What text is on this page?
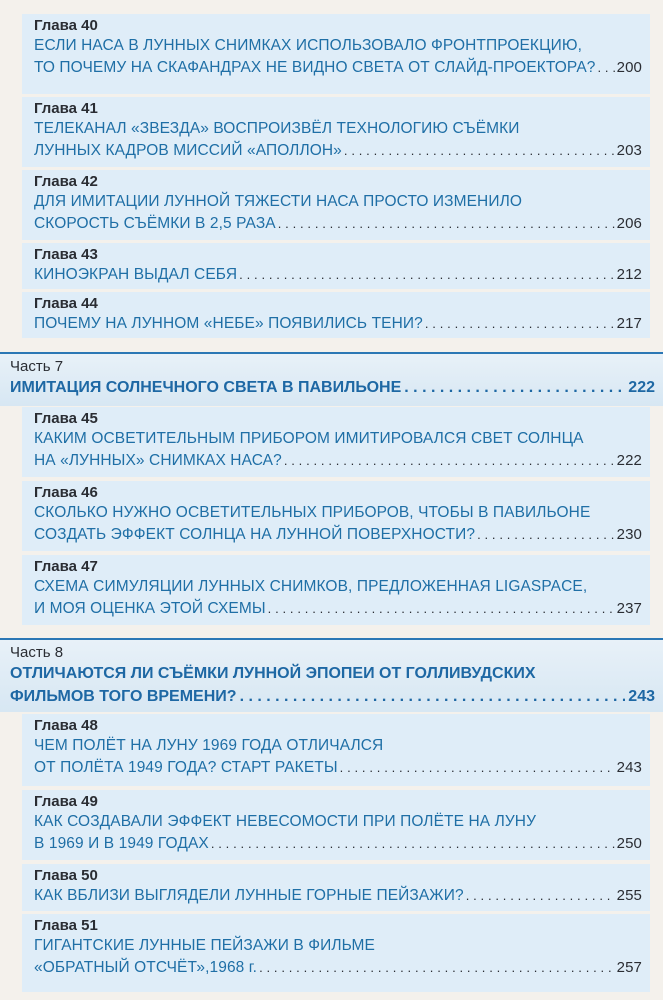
Глава 40
ЕСЛИ НАСА В ЛУННЫХ СНИМКАХ ИСПОЛЬЗОВАЛО ФРОНТПРОЕКЦИЮ,
ТО ПОЧЕМУ НА СКАФАНДРАХ НЕ ВИДНО СВЕТА ОТ СЛАЙД-ПРОЕКТОРА? . . . 200
Глава 41
ТЕЛЕКАНАЛ «ЗВЕЗДА» ВОСПРОИЗВЁЛ ТЕХНОЛОГИЮ СЪЁМКИ
ЛУННЫХ КАДРОВ МИССИЙ «АПОЛЛОН» . . .	203
Глава 42
ДЛЯ ИМИТАЦИИ ЛУННОЙ ТЯЖЕСТИ НАСА ПРОСТО ИЗМЕНИЛО
СКОРОСТЬ СЪЁМКИ В 2,5 РАЗА . . .	206
Глава 43
КИНОЭКРАН ВЫДАЛ СЕБЯ . . .	212
Глава 44
ПОЧЕМУ НА ЛУННОМ «НЕБЕ» ПОЯВИЛИСЬ ТЕНИ? . . .	217
Часть 7
ИМИТАЦИЯ СОЛНЕЧНОГО СВЕТА В ПАВИЛЬОНЕ . . .	222
Глава 45
КАКИМ ОСВЕТИТЕЛЬНЫМ ПРИБОРОМ ИМИТИРОВАЛСЯ СВЕТ СОЛНЦА
НА «ЛУННЫХ» СНИМКАХ НАСА? . . .	222
Глава 46
СКОЛЬКО НУЖНО ОСВЕТИТЕЛЬНЫХ ПРИБОРОВ, ЧТОБЫ В ПАВИЛЬОНЕ
СОЗДАТЬ ЭФФЕКТ СОЛНЦА НА ЛУННОЙ ПОВЕРХНОСТИ? . . .	230
Глава 47
СХЕМА СИМУЛЯЦИИ ЛУННЫХ СНИМКОВ, ПРЕДЛОЖЕННАЯ LIGASPACE,
И МОЯ ОЦЕНКА ЭТОЙ СХЕМЫ . . .	237
Часть 8
ОТЛИЧАЮТСЯ ЛИ СЪЁМКИ ЛУННОЙ ЭПОПЕИ ОТ ГОЛЛИВУДСКИХ
ФИЛЬМОВ ТОГО ВРЕМЕНИ? . . .	243
Глава 48
ЧЕМ ПОЛЁТ НА ЛУНУ 1969 ГОДА ОТЛИЧАЛСЯ
ОТ ПОЛЁТА 1949 ГОДА? СТАРТ РАКЕТЫ . . .	243
Глава 49
КАК СОЗДАВАЛИ ЭФФЕКТ НЕВЕСОМОСТИ ПРИ ПОЛЁТЕ НА ЛУНУ
В 1969 И В 1949 ГОДАХ . . .	250
Глава 50
КАК ВБЛИЗИ ВЫГЛЯДЕЛИ ЛУННЫЕ ГОРНЫЕ ПЕЙЗАЖИ? . . .	255
Глава 51
ГИГАНТСКИЕ ЛУННЫЕ ПЕЙЗАЖИ В ФИЛЬМЕ
«ОБРАТНЫЙ ОТСЧЁТ»,1968 г. . . .	257
